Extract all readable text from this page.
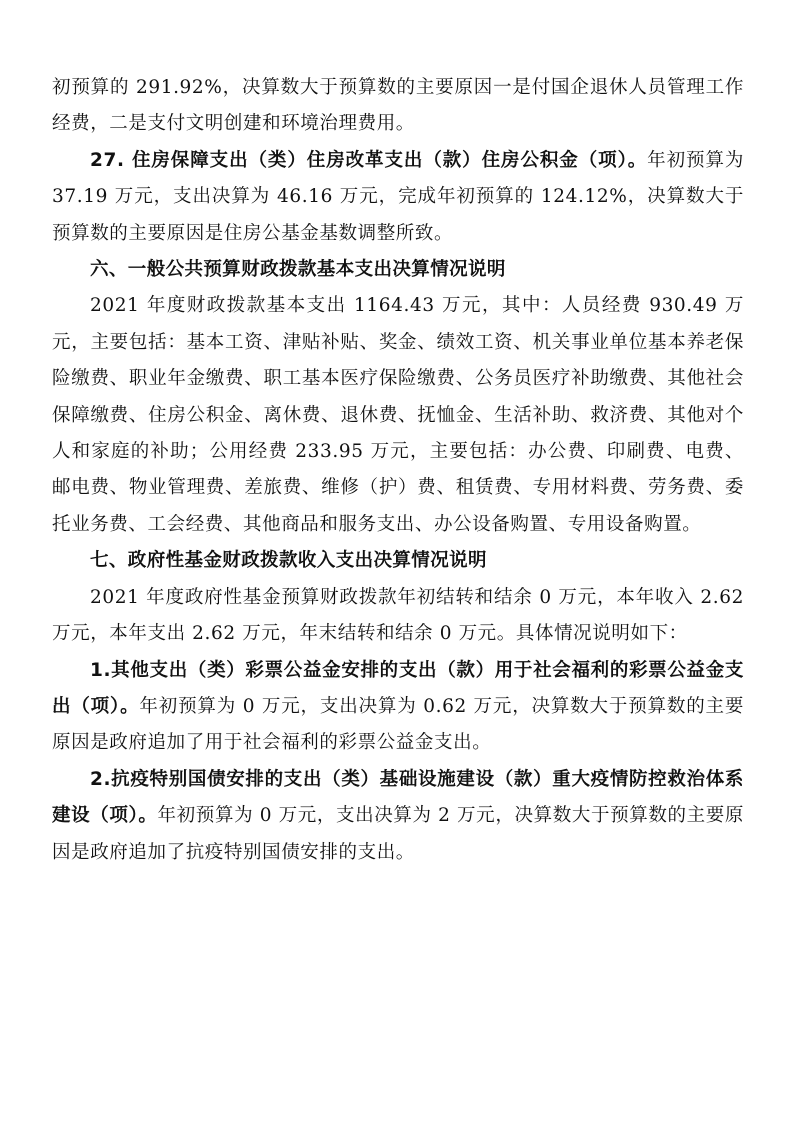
初预算的 291.92%，决算数大于预算数的主要原因一是付国企退休人员管理工作经费，二是支付文明创建和环境治理费用。

27. 住房保障支出（类）住房改革支出（款）住房公积金（项）。年初预算为 37.19 万元，支出决算为 46.16 万元，完成年初预算的 124.12%，决算数大于预算数的主要原因是住房公基金基数调整所致。

六、一般公共预算财政拨款基本支出决算情况说明

2021 年度财政拨款基本支出 1164.43 万元，其中：人员经费 930.49 万元，主要包括：基本工资、津贴补贴、奖金、绩效工资、机关事业单位基本养老保险缴费、职业年金缴费、职工基本医疗保险缴费、公务员医疗补助缴费、其他社会保障缴费、住房公积金、离休费、退休费、抚恤金、生活补助、救济费、其他对个人和家庭的补助；公用经费 233.95 万元，主要包括：办公费、印刷费、电费、邮电费、物业管理费、差旅费、维修（护）费、租赁费、专用材料费、劳务费、委托业务费、工会经费、其他商品和服务支出、办公设备购置、专用设备购置。

七、政府性基金财政拨款收入支出决算情况说明

2021 年度政府性基金预算财政拨款年初结转和结余 0 万元，本年收入 2.62 万元，本年支出 2.62 万元，年末结转和结余 0 万元。具体情况说明如下：

1.其他支出（类）彩票公益金安排的支出（款）用于社会福利的彩票公益金支出（项）。年初预算为 0 万元，支出决算为 0.62 万元，决算数大于预算数的主要原因是政府追加了用于社会福利的彩票公益金支出。

2.抗疫特别国债安排的支出（类）基础设施建设（款）重大疫情防控救治体系建设（项）。年初预算为 0 万元，支出决算为 2 万元，决算数大于预算数的主要原因是政府追加了抗疫特别国债安排的支出。
